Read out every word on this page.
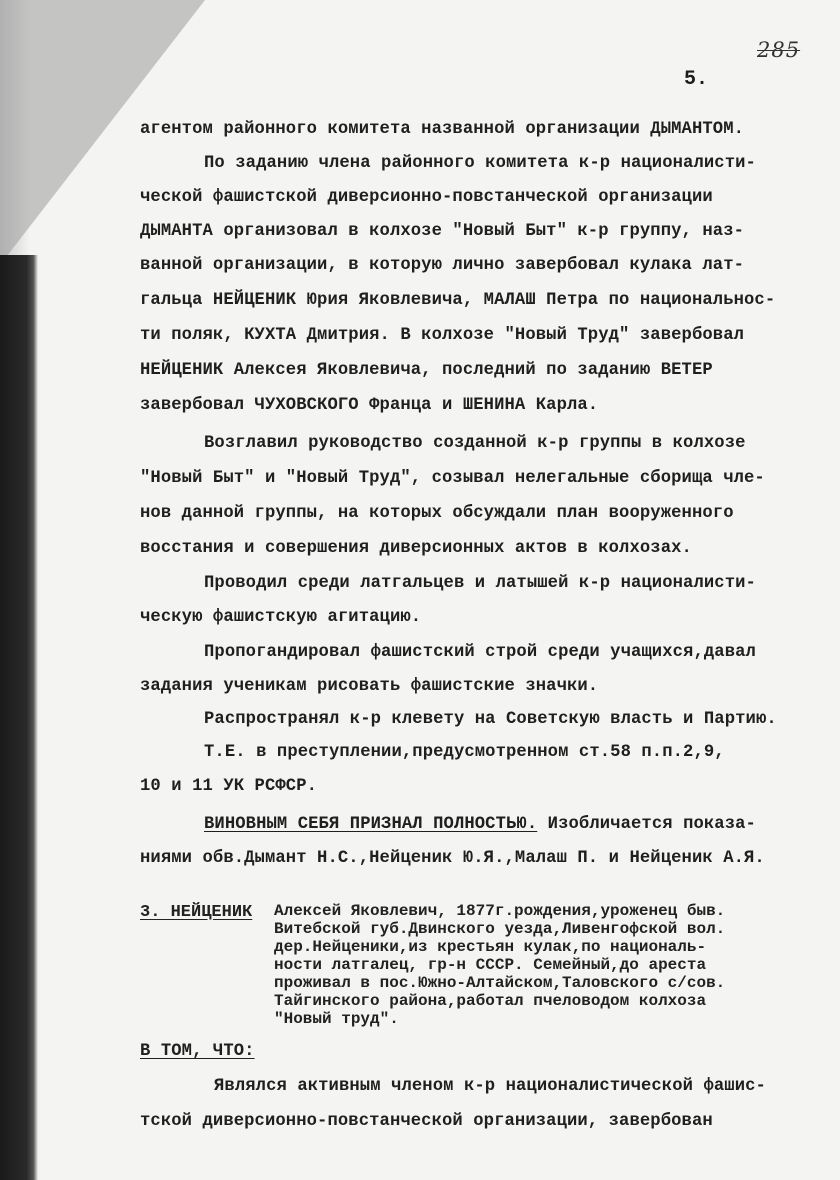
285
5.
агентом районного комитета названной организации ДЫМАНТОМ.
По заданию члена районного комитета к-р националисти-
ческой фашистской диверсионно-повстанческой организации
ДЫМАНТА организовал в колхозе "Новый Быт" к-р группу, наз-
ванной организации, в которую лично завербовал кулака лат-
гальца НЕЙЦЕНИК Юрия Яковлевича, МАЛАШ Петра по национальнос-
ти поляк, КУХТА Дмитрия. В колхозе "Новый Труд" завербовал
НЕЙЦЕНИК Алексея Яковлевича, последний по заданию ВЕТЕР
завербовал ЧУХОВСКОГО Франца и ШЕНИНА Карла.
Возглавил руководство созданной к-р группы в колхозе
"Новый Быт" и "Новый Труд", созывал нелегальные сборища чле-
нов данной группы, на которых обсуждали план вооруженного
восстания и совершения диверсионных актов в колхозах.
Проводил среди латгальцев и латышей к-р националисти-
ческую фашистскую агитацию.
Пропогандировал фашистский строй среди учащихся,давал
задания ученикам рисовать фашистские значки.
Распространял к-р клевету на Советскую власть и Партию.
Т.Е. в преступлении,предусмотренном ст.58 п.п.2,9,
10 и 11 УК РСФСР.
ВИНОВНЫМ СЕБЯ ПРИЗНАЛ ПОЛНОСТЬЮ. Изобличается показа-
ниями обв.Дымант Н.С.,Нейценик Ю.Я.,Малаш П. и Нейценик А.Я.
3. НЕЙЦЕНИК Алексей Яковлевич, 1877г.рождения,уроженец быв.
Витебской губ.Двинского уезда,Ливенгофской вол.
дер.Нейценики,из крестьян кулак,по националь-
ности латгалец, гр-н СССР. Семейный,до ареста
проживал в пос.Южно-Алтайском,Таловского с/сов.
Тайгинского района,работал пчеловодом колхоза
"Новый труд".
В ТОМ, ЧТО:
Являлся активным членом к-р националистической фашис-
тской диверсионно-повстанческой организации, завербован
